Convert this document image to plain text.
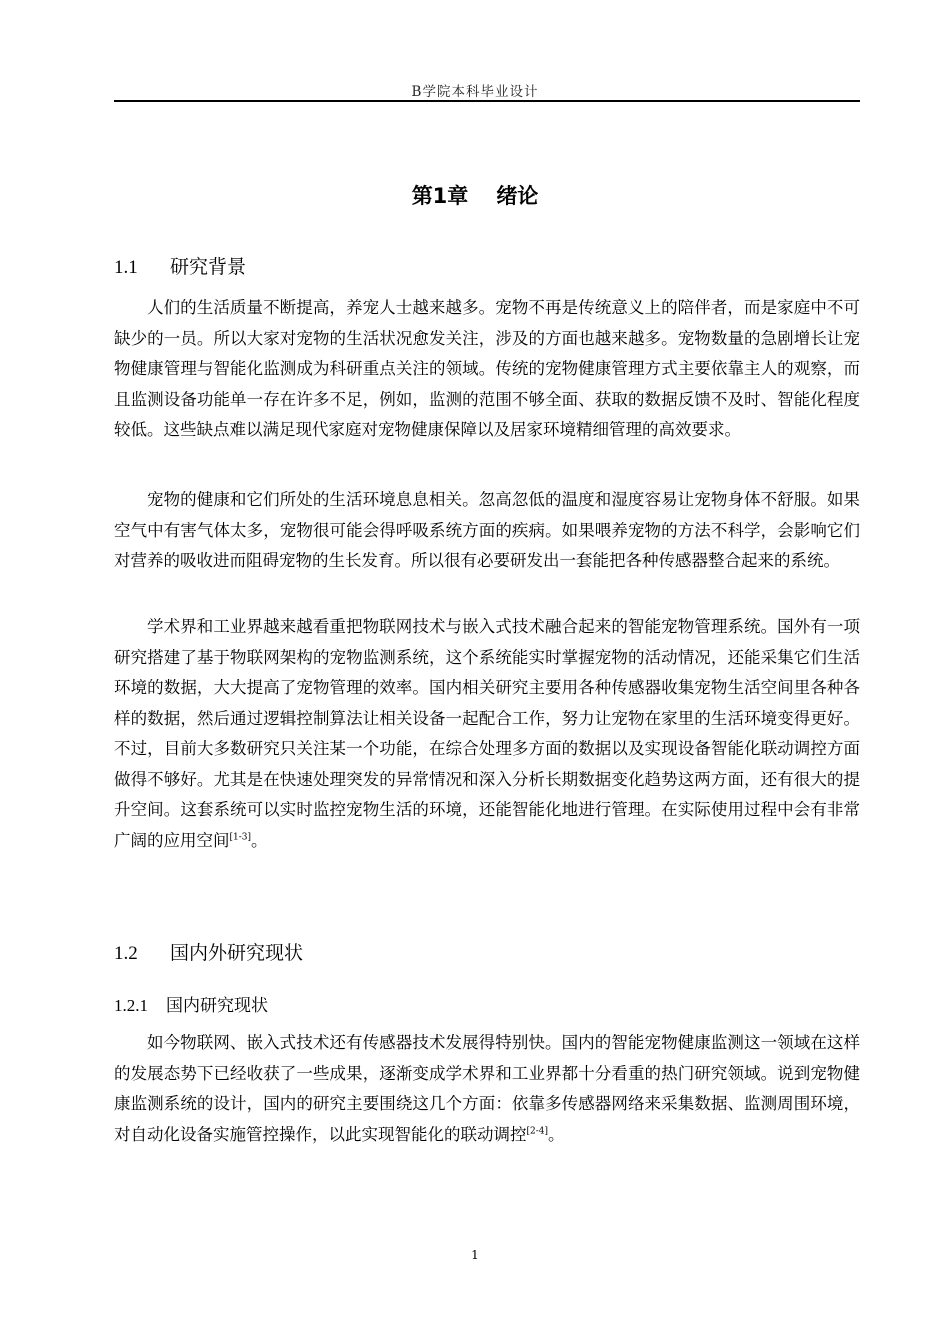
B学院本科毕业设计
第1章 绪论
1.1 研究背景

人们的生活质量不断提高，养宠人士越来越多。宠物不再是传统意义上的陪伴者，而是家庭中不可缺少的一员。所以大家对宠物的生活状况愈发关注，涉及的方面也越来越多。宠物数量的急剧增长让宠物健康管理与智能化监测成为科研重点关注的领域。传统的宠物健康管理方式主要依靠主人的观察，而且监测设备功能单一存在许多不足，例如，监测的范围不够全面、获取的数据反馈不及时、智能化程度较低。这些缺点难以满足现代家庭对宠物健康保障以及居家环境精细管理的高效要求。

宠物的健康和它们所处的生活环境息息相关。忽高忽低的温度和湿度容易让宠物身体不舒服。如果空气中有害气体太多，宠物很可能会得呼吸系统方面的疾病。如果喂养宠物的方法不科学，会影响它们对营养的吸收进而阻碍宠物的生长发育。所以很有必要研发出一套能把各种传感器整合起来的系统。

学术界和工业界越来越看重把物联网技术与嵌入式技术融合起来的智能宠物管理系统。国外有一项研究搭建了基于物联网架构的宠物监测系统，这个系统能实时掌握宠物的活动情况，还能采集它们生活环境的数据，大大提高了宠物管理的效率。国内相关研究主要用各种传感器收集宠物生活空间里各种各样的数据，然后通过逻辑控制算法让相关设备一起配合工作，努力让宠物在家里的生活环境变得更好。不过，目前大多数研究只关注某一个功能，在综合处理多方面的数据以及实现设备智能化联动调控方面做得不够好。尤其是在快速处理突发的异常情况和深入分析长期数据变化趋势这两方面，还有很大的提升空间。这套系统可以实时监控宠物生活的环境，还能智能化地进行管理。在实际使用过程中会有非常广阔的应用空间[1-3]。

1.2 国内外研究现状
1.2.1 国内研究现状

如今物联网、嵌入式技术还有传感器技术发展得特别快。国内的智能宠物健康监测这一领域在这样的发展态势下已经收获了一些成果，逐渐变成学术界和工业界都十分看重的热门研究领域。说到宠物健康监测系统的设计，国内的研究主要围绕这几个方面：依靠多传感器网络来采集数据、监测周围环境，对自动化设备实施管控操作，以此实现智能化的联动调控[2-4]。

1
